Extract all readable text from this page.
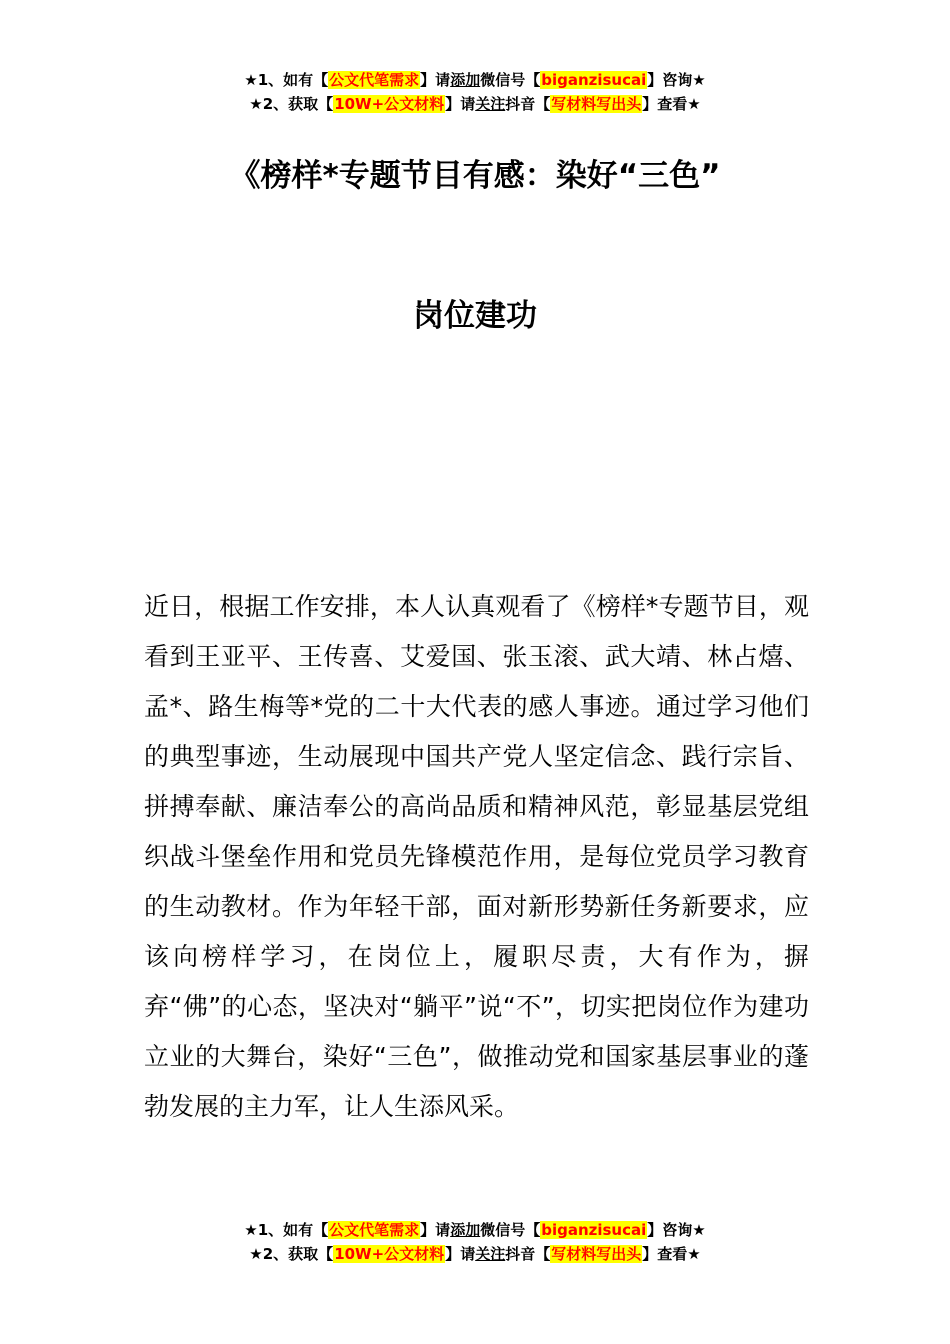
★1、如有【公文代笔需求】请添加微信号【biganzisucai】咨询★
★2、获取【10W+公文材料】请关注抖音【写材料写出头】查看★
《榜样*专题节目有感：染好“三色”
岗位建功

近日，根据工作安排，本人认真观看了《榜样*专题节目，观看到王亚平、王传喜、艾爱国、张玉滚、武大靖、林占熺、孟*、路生梅等*党的二十大代表的感人事迹。通过学习他们的典型事迹，生动展现中国共产党人坚定信念、践行宗旨、拼搏奉献、廉洁奉公的高尚品质和精神风范，彰显基层党组织战斗堡垒作用和党员先锋模范作用，是每位党员学习教育的生动教材。作为年轻干部，面对新形势新任务新要求，应该向榜样学习，在岗位上，履职尽责，大有作为，摒弃“佛”的心态，坚决对“躺平”说“不”，切实把岗位作为建功立业的大舞台，染好“三色”，做推动党和国家基层事业的蓬勃发展的主力军，让人生添风采。

★1、如有【公文代笔需求】请添加微信号【biganzisucai】咨询★
★2、获取【10W+公文材料】请关注抖音【写材料写出头】查看★
